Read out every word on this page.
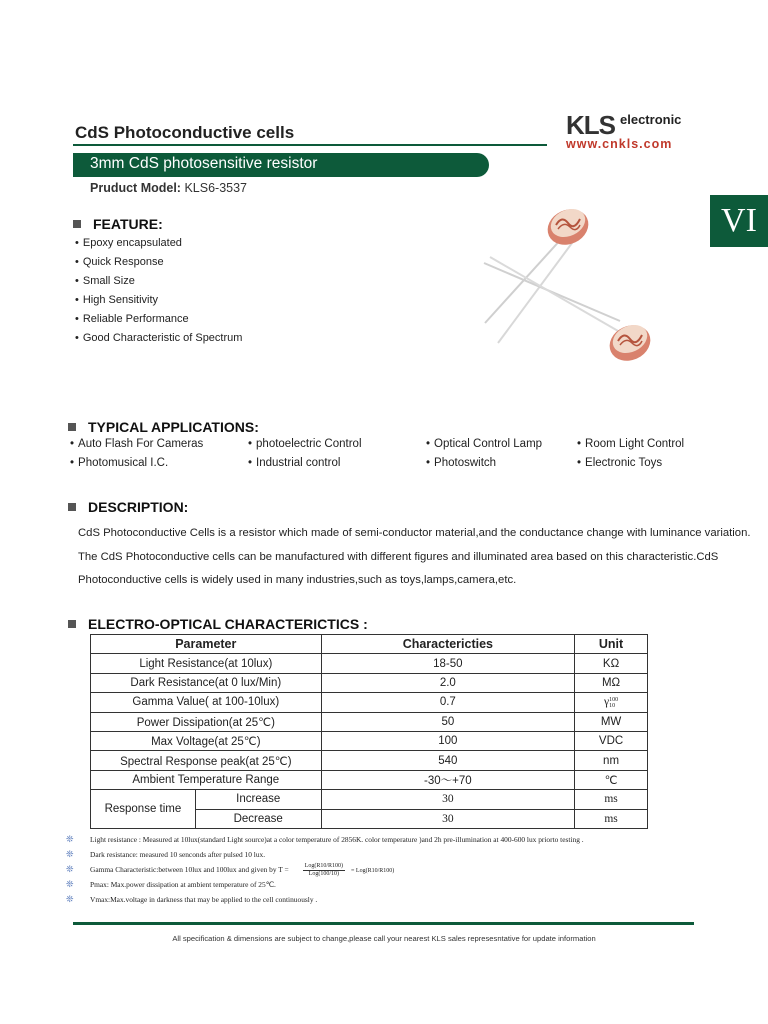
CdS Photoconductive cells	KLS electronic
www.cnkls.com
3mm CdS photosensitive resistor
Pruduct Model: KLS6-3537
VI
FEATURE:
• Epoxy encapsulated
• Quick Response
• Small Size
• High Sensitivity
• Reliable Performance
• Good Characteristic of Spectrum
TYPICAL APPLICATIONS:
• Auto Flash For Cameras	• photoelectric Control	• Optical Control Lamp	• Room Light Control
• Photomusical I.C.	• Industrial control	• Photoswitch	• Electronic Toys
DESCRIPTION:
CdS Photoconductive Cells is a resistor which made of semi-conductor material,and the conductance change with luminance variation. The CdS Photoconductive cells can be manufactured with different figures and illuminated area based on this characteristic.CdS Photoconductive cells is widely used in many industries,such as toys,lamps,camera,etc.
ELECTRO-OPTICAL CHARACTERICTICS :
Parameter		Charactericties	Unit
Light Resistance(at 10lux)		18-50	KΩ
Dark Resistance(at 0 lux/Min)		2.0	MΩ
Gamma Value( at 100-10lux)		0.7	γ 100
10

Power Dissipation(at 25℃)		50	MW
Max Voltage(at 25℃)		100	VDC
Spectral Response peak(at 25℃)		540	nm
Ambient Temperature Range		-30～+70	℃
Response time	Increase	30	ms
	Decrease	30	ms
❊ Light resistance : Measured at 10lux(standard Light source)at a color temperature of 2856K. color temperature )and 2h pre-illumination at 400-600 lux priorto testing .
❊ Dark resistance: measured 10 senconds after pulsed 10 lux.
❊ Gamma Characteristic:between 10lux and 100lux and given by $T = \frac{\text{Log(R10/R100)}}{\text{Log(100/10)}} = Log(R10/R100)$
❊ Pmax: Max.power dissipation at ambient temperature of 25℃.
❊ Vmax:Max.voltage in darkness that may be applied to the cell continuously .
All specification & dimensions are subject to change,please call your nearest KLS sales represesntative for update information
